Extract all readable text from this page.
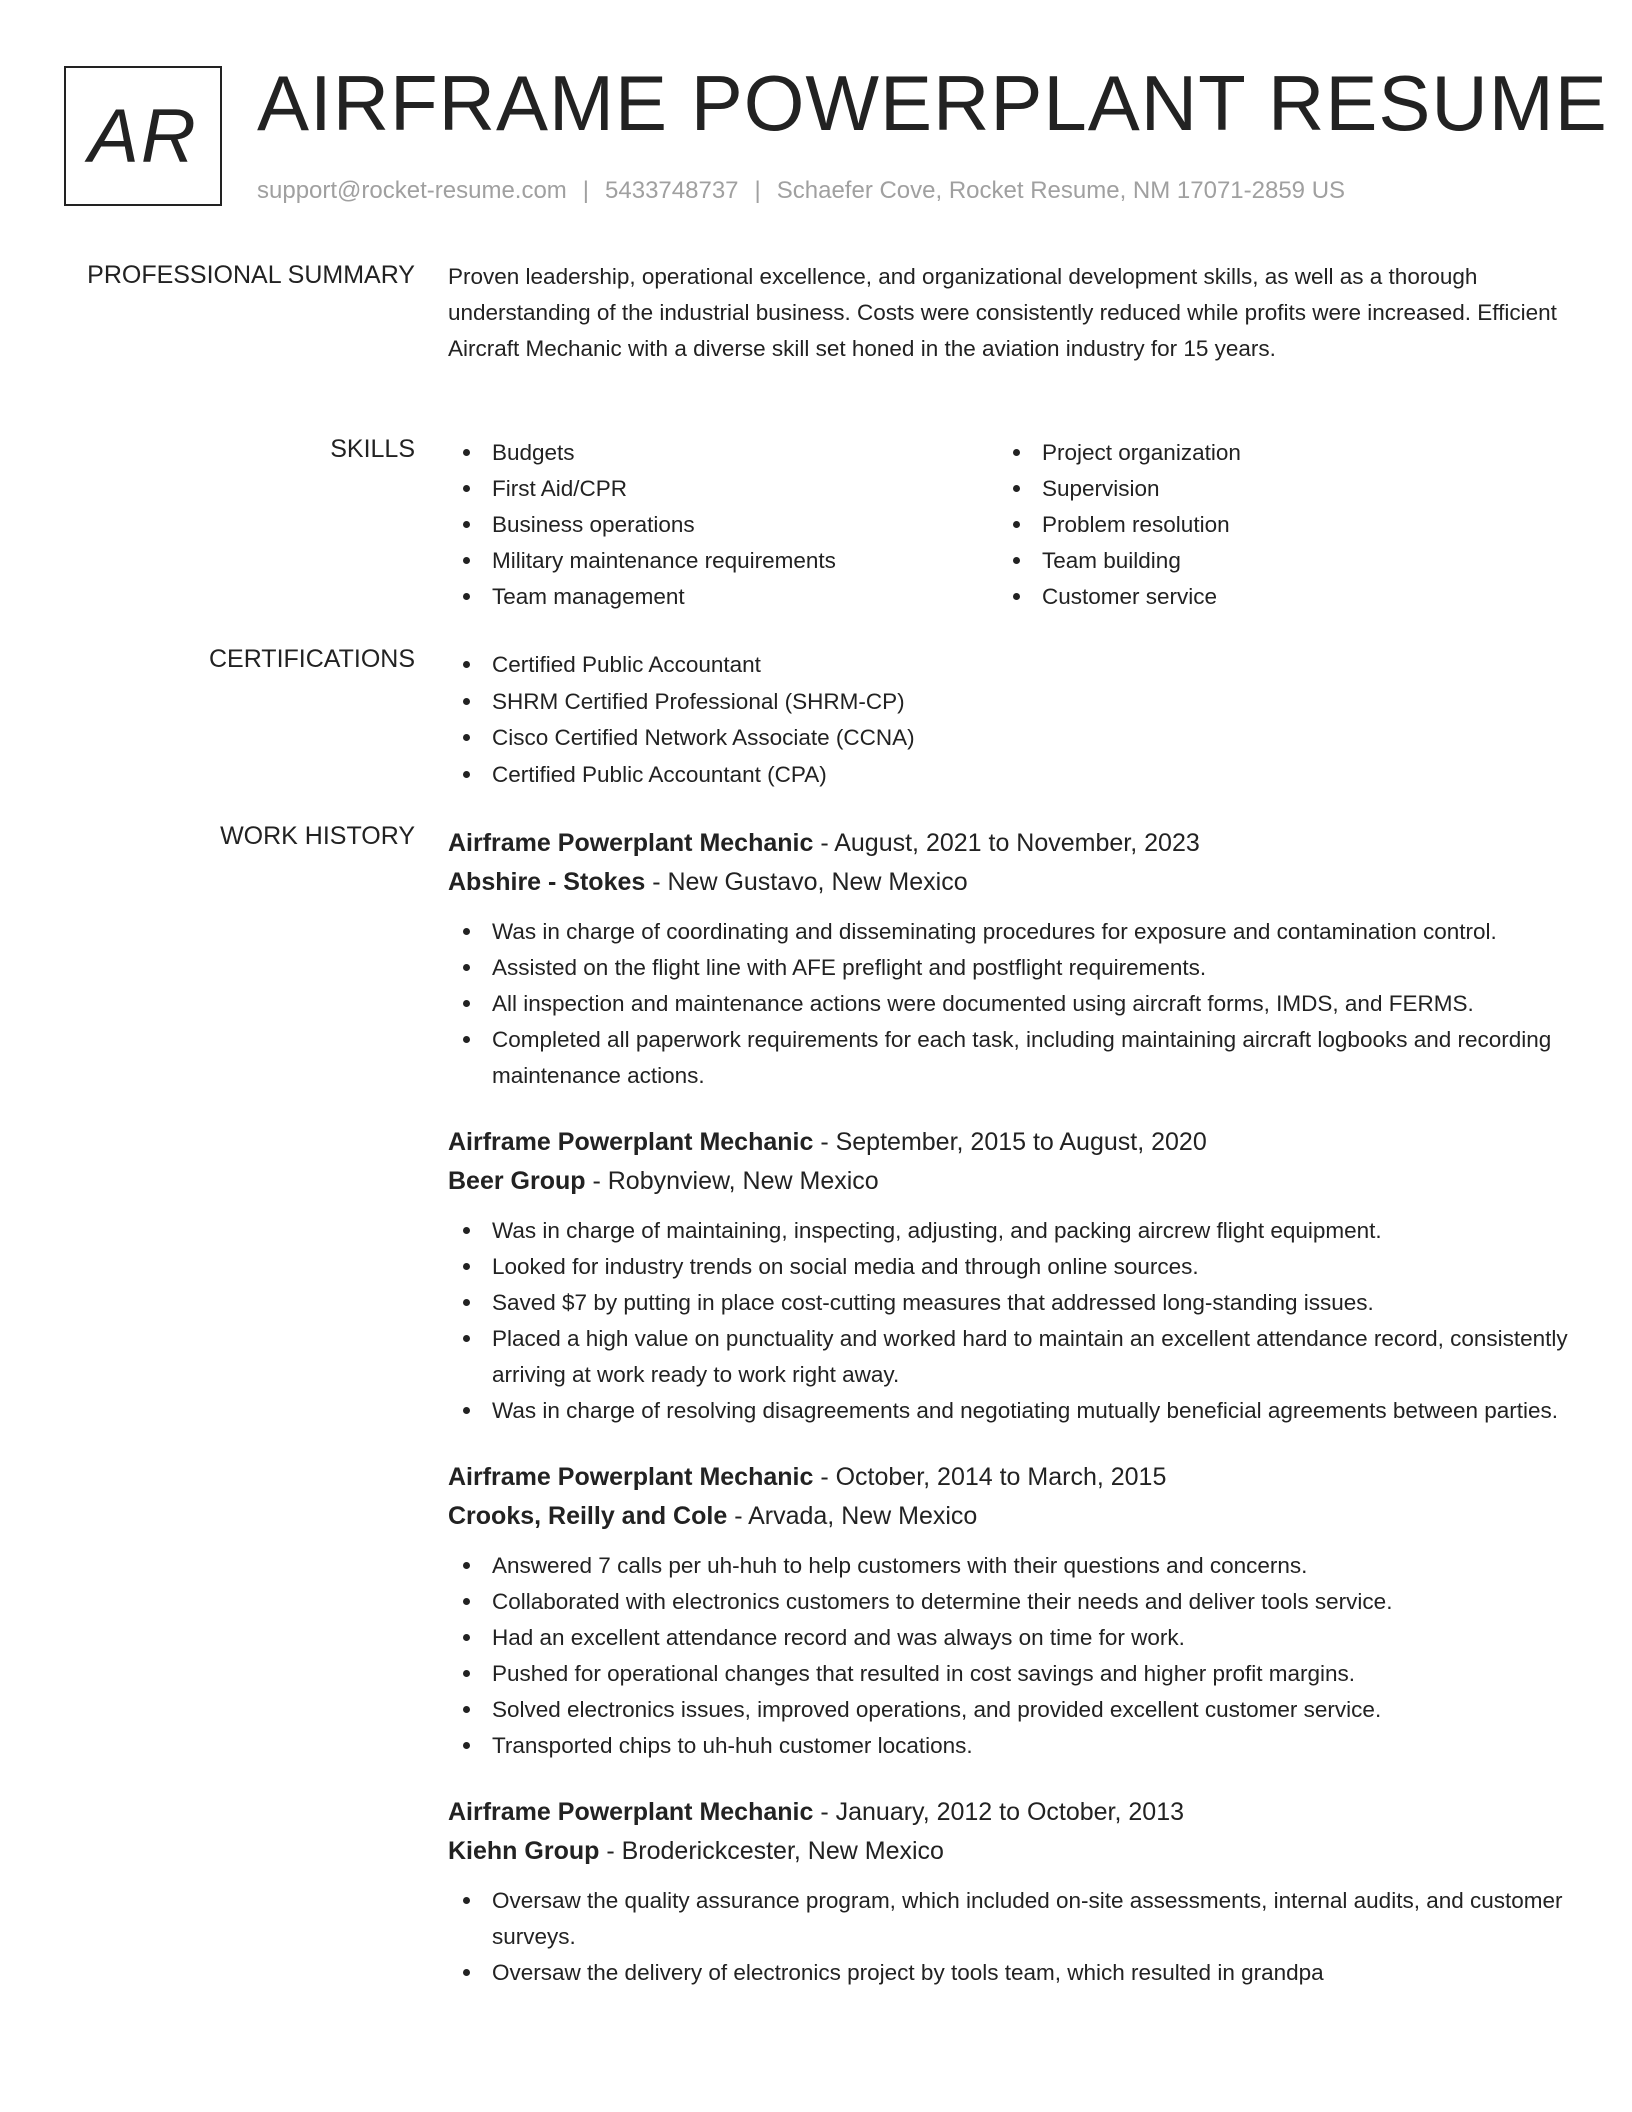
AR AIRFRAME POWERPLANT RESUME
support@rocket-resume.com | 5433748737 | Schaefer Cove, Rocket Resume, NM 17071-2859 US
PROFESSIONAL SUMMARY Proven leadership, operational excellence, and organizational development skills, as well as a thorough understanding of the industrial business. Costs were consistently reduced while profits were increased. Efficient Aircraft Mechanic with a diverse skill set honed in the aviation industry for 15 years.

SKILLS	Budgets
First Aid/CPR
Business operations
Military maintenance requirements
Team management
Project organization
Supervision
Problem resolution
Team building
Customer service
CERTIFICATIONS	Certified Public Accountant
SHRM Certified Professional (SHRM-CP)
Cisco Certified Network Associate (CCNA)
Certified Public Accountant (CPA)
WORK HISTORY Airframe Powerplant Mechanic - August, 2021 to November, 2023
Abshire - Stokes - New Gustavo, New Mexico
Was in charge of coordinating and disseminating procedures for exposure and contamination control.
Assisted on the flight line with AFE preflight and postflight requirements.
All inspection and maintenance actions were documented using aircraft forms, IMDS, and FERMS.
Completed all paperwork requirements for each task, including maintaining aircraft logbooks and recording maintenance actions.
Airframe Powerplant Mechanic - September, 2015 to August, 2020
Beer Group - Robynview, New Mexico
Was in charge of maintaining, inspecting, adjusting, and packing aircrew flight equipment.
Looked for industry trends on social media and through online sources.
Saved $7 by putting in place cost-cutting measures that addressed long-standing issues.
Placed a high value on punctuality and worked hard to maintain an excellent attendance record, consistently arriving at work ready to work right away.
Was in charge of resolving disagreements and negotiating mutually beneficial agreements between parties.
Airframe Powerplant Mechanic - October, 2014 to March, 2015
Crooks, Reilly and Cole - Arvada, New Mexico
Answered 7 calls per uh-huh to help customers with their questions and concerns.
Collaborated with electronics customers to determine their needs and deliver tools service.
Had an excellent attendance record and was always on time for work.
Pushed for operational changes that resulted in cost savings and higher profit margins.
Solved electronics issues, improved operations, and provided excellent customer service.
Transported chips to uh-huh customer locations.
Airframe Powerplant Mechanic - January, 2012 to October, 2013
Kiehn Group - Broderickcester, New Mexico
Oversaw the quality assurance program, which included on-site assessments, internal audits, and customer surveys.
Oversaw the delivery of electronics project by tools team, which resulted in grandpa
